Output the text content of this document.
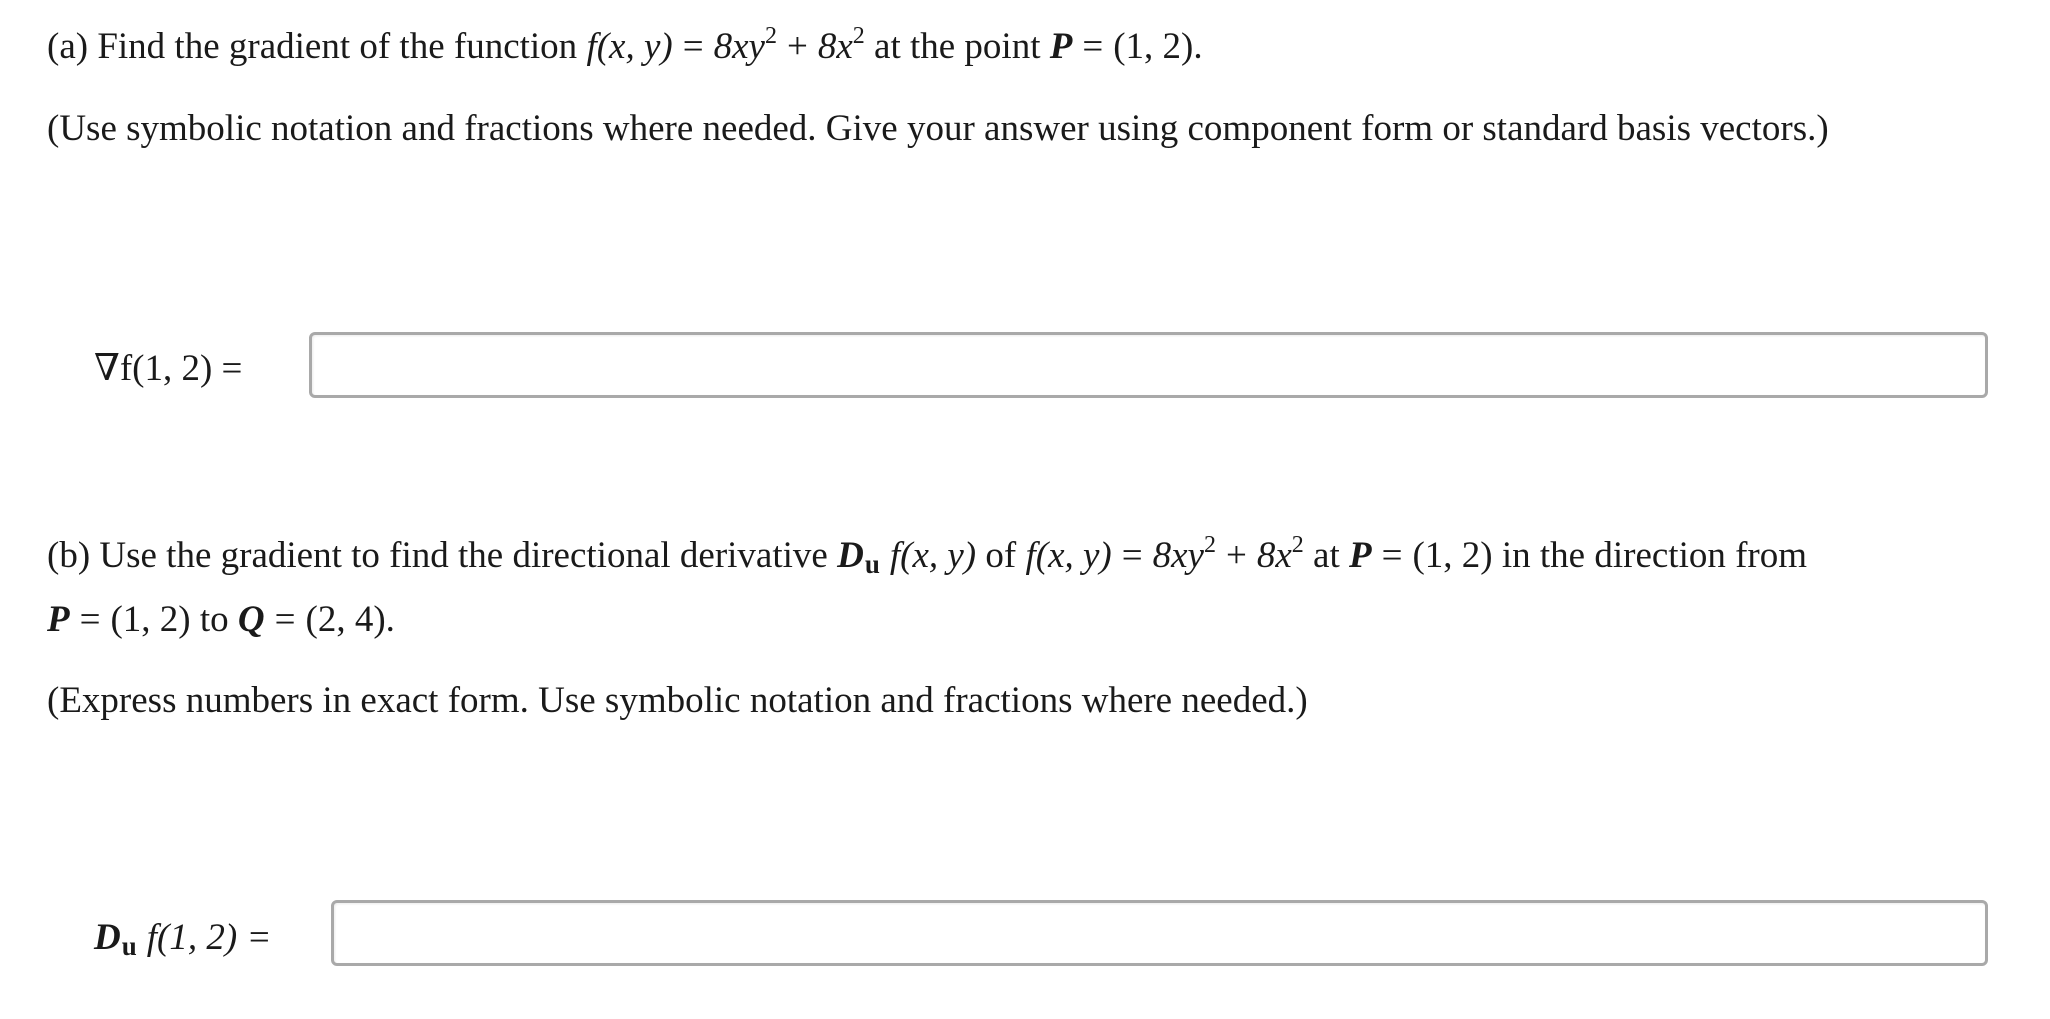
(a) Find the gradient of the function f(x, $y) = 8xy^2 + 8x^2$ at the point P = (1, 2).
(Use symbolic notation and fractions where needed. Give your answer using component form or standard basis vectors.)
∇f(1, 2) =
(b) Use the gradient to find the directional derivative Du f(x, y) of f(x, $y) = 8xy^2 + 8x^2$ at P = (1, 2) in the direction from
P = (1, 2) to Q = (2, 4).
(Express numbers in exact form. Use symbolic notation and fractions where needed.)
Du f(1, 2) =
